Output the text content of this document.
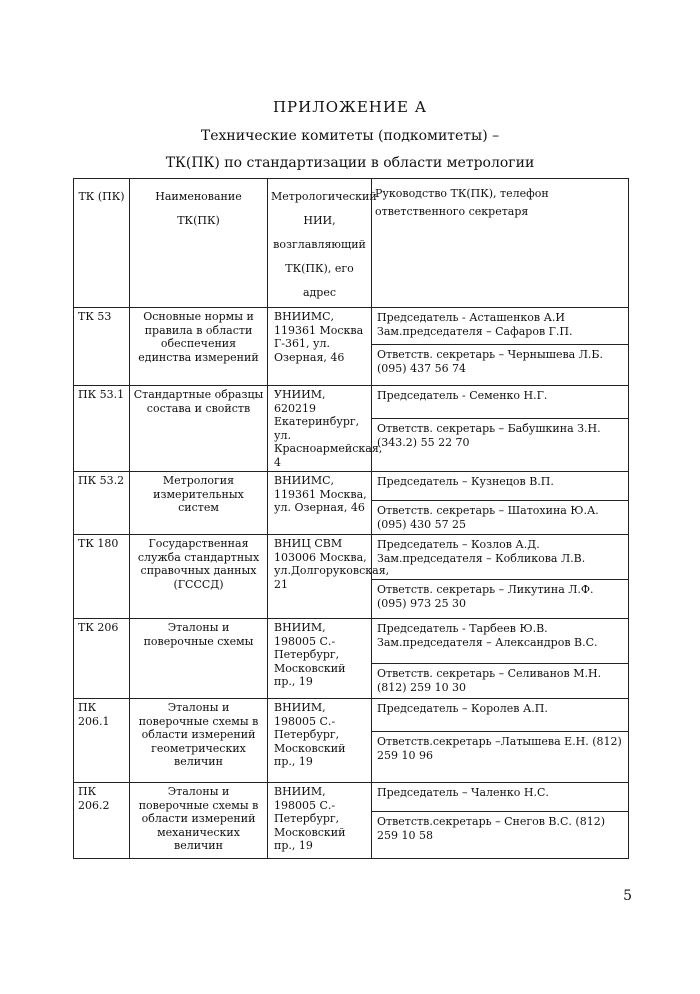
ПРИЛОЖЕНИЕ А
Технические комитеты (подкомитеты) –
ТК(ПК) по стандартизации в области метрологии
ТК (ПК)	Наименование ТК(ПК)	Метрологический НИИ, возглавляющий ТК(ПК), его адрес	Руководство ТК(ПК), телефон ответственного секретаря
ТК 53	Основные нормы и правила в области обеспечения единства измерений	ВНИИМС, 119361 Москва Г-361, ул. Озерная, 46	Председатель - Асташенков А.И Зам.председателя – Сафаров Г.П.
Ответств. секретарь – Чернышева Л.Б. (095) 437 56 74

ПК 53.1	Стандартные образцы состава и свойств	УНИИМ, 620219 Екатеринбург, ул. Красноармейская, 4	Председатель - Семенко Н.Г.
Ответств. секретарь – Бабушкина З.Н. (343.2) 55 22 70

ПК 53.2	Метрология измерительных систем	ВНИИМС, 119361 Москва, ул. Озерная, 46	Председатель – Кузнецов В.П.
Ответств. секретарь – Шатохина Ю.А. (095) 430 57 25

ТК 180	Государственная служба стандартных справочных данных (ГСССД)	ВНИЦ СВМ 103006 Москва, ул.Долгоруковская, 21	Председатель – Козлов А.Д. Зам.председателя – Кобликова Л.В.
Ответств. секретарь – Ликутина Л.Ф. (095) 973 25 30

ТК 206	Эталоны и поверочные схемы	ВНИИМ, 198005 С.-Петербург, Московский пр., 19	Председатель - Тарбеев Ю.В. Зам.председателя – Александров В.С.
Ответств. секретарь – Селиванов М.Н. (812) 259 10 30

ПК 206.1	Эталоны и поверочные схемы в области измерений геометрических величин	ВНИИМ, 198005 С.-Петербург, Московский пр., 19	Председатель – Королев А.П.
Ответств.секретарь –Латышева Е.Н. (812) 259 10 96

ПК 206.2	Эталоны и поверочные схемы в области измерений механических величин	ВНИИМ, 198005 С.-Петербург, Московский пр., 19	Председатель – Чаленко Н.С.
Ответств.секретарь – Снегов В.С. (812) 259 10 58
5
